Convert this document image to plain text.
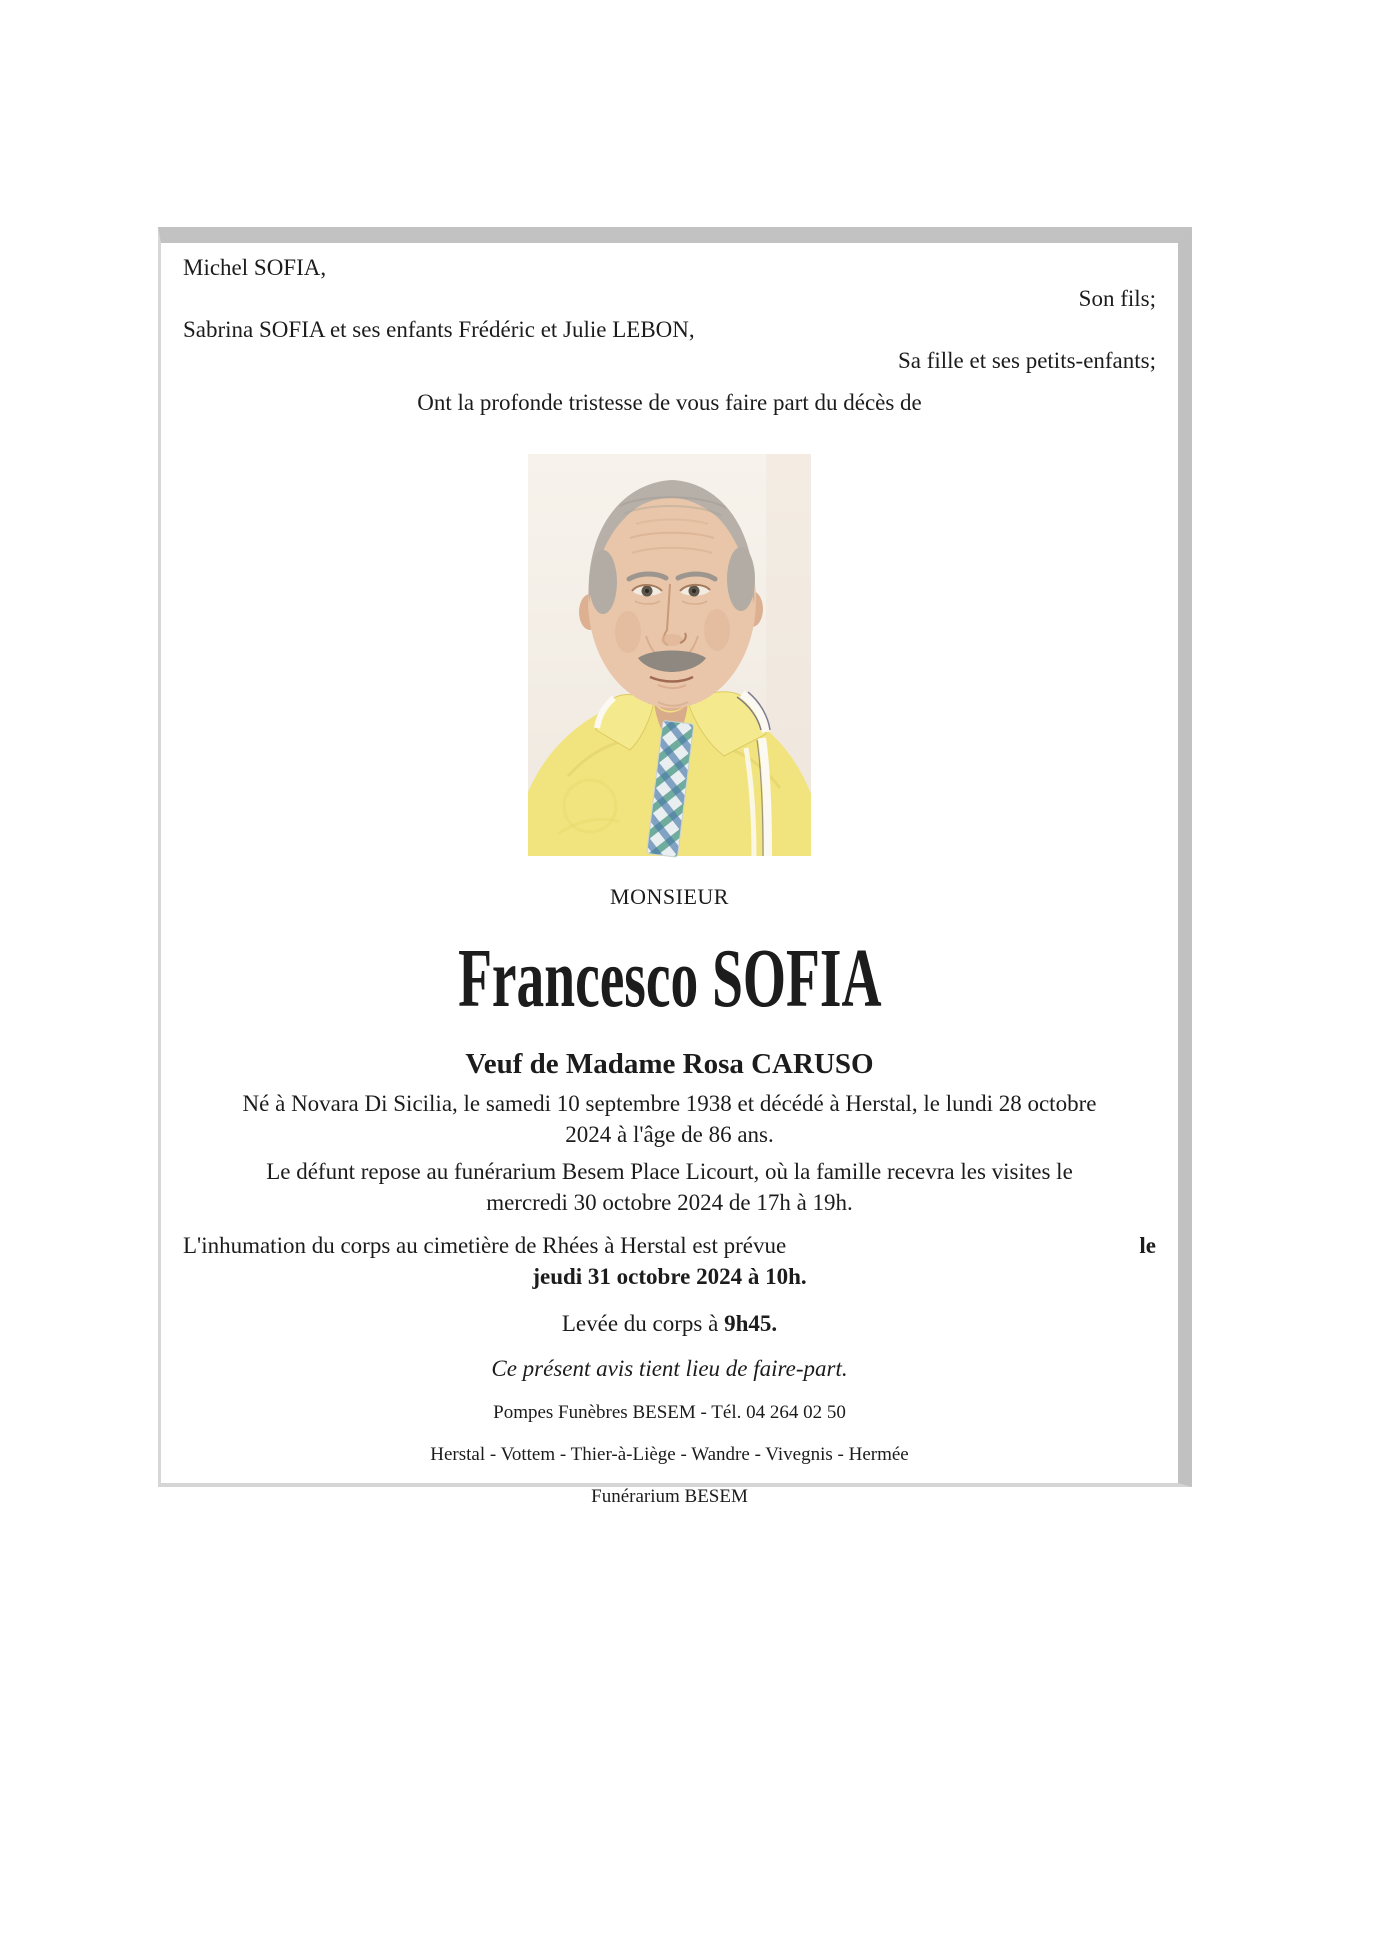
Michel SOFIA,
Son fils;
Sabrina SOFIA et ses enfants Frédéric et Julie LEBON,
Sa fille et ses petits-enfants;
Ont la profonde tristesse de vous faire part du décès de
MONSIEUR
Francesco SOFIA
Veuf de Madame Rosa CARUSO
Né à Novara Di Sicilia, le samedi 10 septembre 1938 et décédé à Herstal, le lundi 28 octobre
2024 à l'âge de 86 ans.
Le défunt repose au funérarium Besem Place Licourt, où la famille recevra les visites le
mercredi 30 octobre 2024 de 17h à 19h.
L'inhumation du corps au cimetière de Rhées à Herstal est prévue	le
jeudi 31 octobre 2024 à 10h.
Levée du corps à 9h45.
Ce présent avis tient lieu de faire-part.
Pompes Funèbres BESEM - Tél. 04 264 02 50
Herstal - Vottem - Thier-à-Liège - Wandre - Vivegnis - Hermée
Funérarium BESEM
